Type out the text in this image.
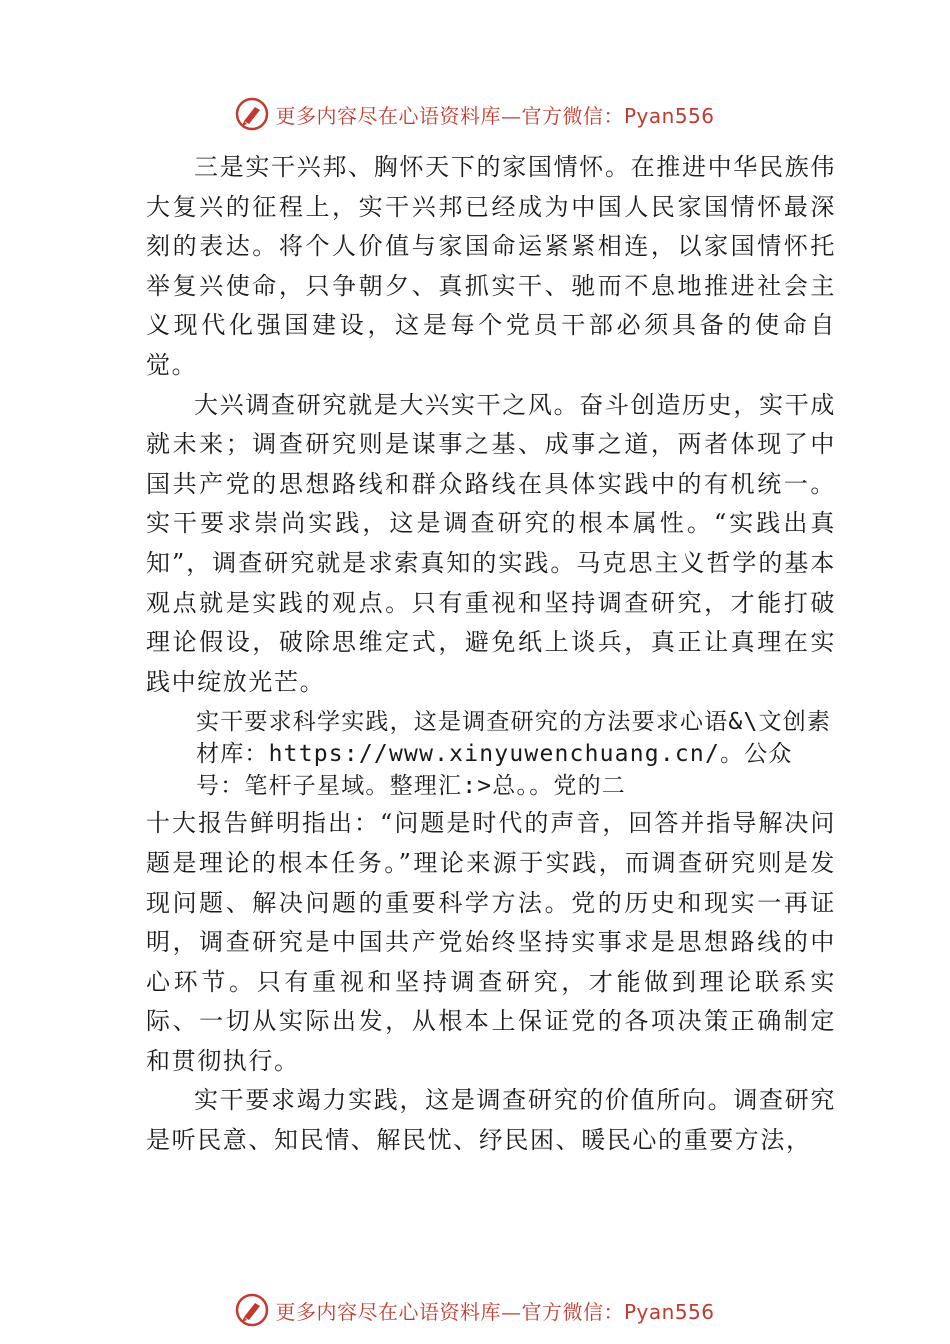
更多内容尽在心语资料库—官方微信：Pyan556

三是实干兴邦、胸怀天下的家国情怀。在推进中华民族伟大复兴的征程上，实干兴邦已经成为中国人民家国情怀最深刻的表达。将个人价值与家国命运紧紧相连，以家国情怀托举复兴使命，只争朝夕、真抓实干、驰而不息地推进社会主义现代化强国建设，这是每个党员干部必须具备的使命自觉。

大兴调查研究就是大兴实干之风。奋斗创造历史，实干成就未来；调查研究则是谋事之基、成事之道，两者体现了中国共产党的思想路线和群众路线在具体实践中的有机统一。实干要求崇尚实践，这是调查研究的根本属性。“实践出真知”，调查研究就是求索真知的实践。马克思主义哲学的基本观点就是实践的观点。只有重视和坚持调查研究，才能打破理论假设，破除思维定式，避免纸上谈兵，真正让真理在实践中绽放光芒。

实干要求科学实践，这是调查研究的方法要求心语&\文创素材库：https://www.xinyuwenchuang.cn/。公众号：笔杆子星域。整理汇:>总。。党的二

十大报告鲜明指出：“问题是时代的声音，回答并指导解决问题是理论的根本任务。”理论来源于实践，而调查研究则是发现问题、解决问题的重要科学方法。党的历史和现实一再证明，调查研究是中国共产党始终坚持实事求是思想路线的中心环节。只有重视和坚持调查研究，才能做到理论联系实际、一切从实际出发，从根本上保证党的各项决策正确制定和贯彻执行。

实干要求竭力实践，这是调查研究的价值所向。调查研究是听民意、知民情、解民忧、纾民困、暖民心的重要方法，

更多内容尽在心语资料库—官方微信：Pyan556
